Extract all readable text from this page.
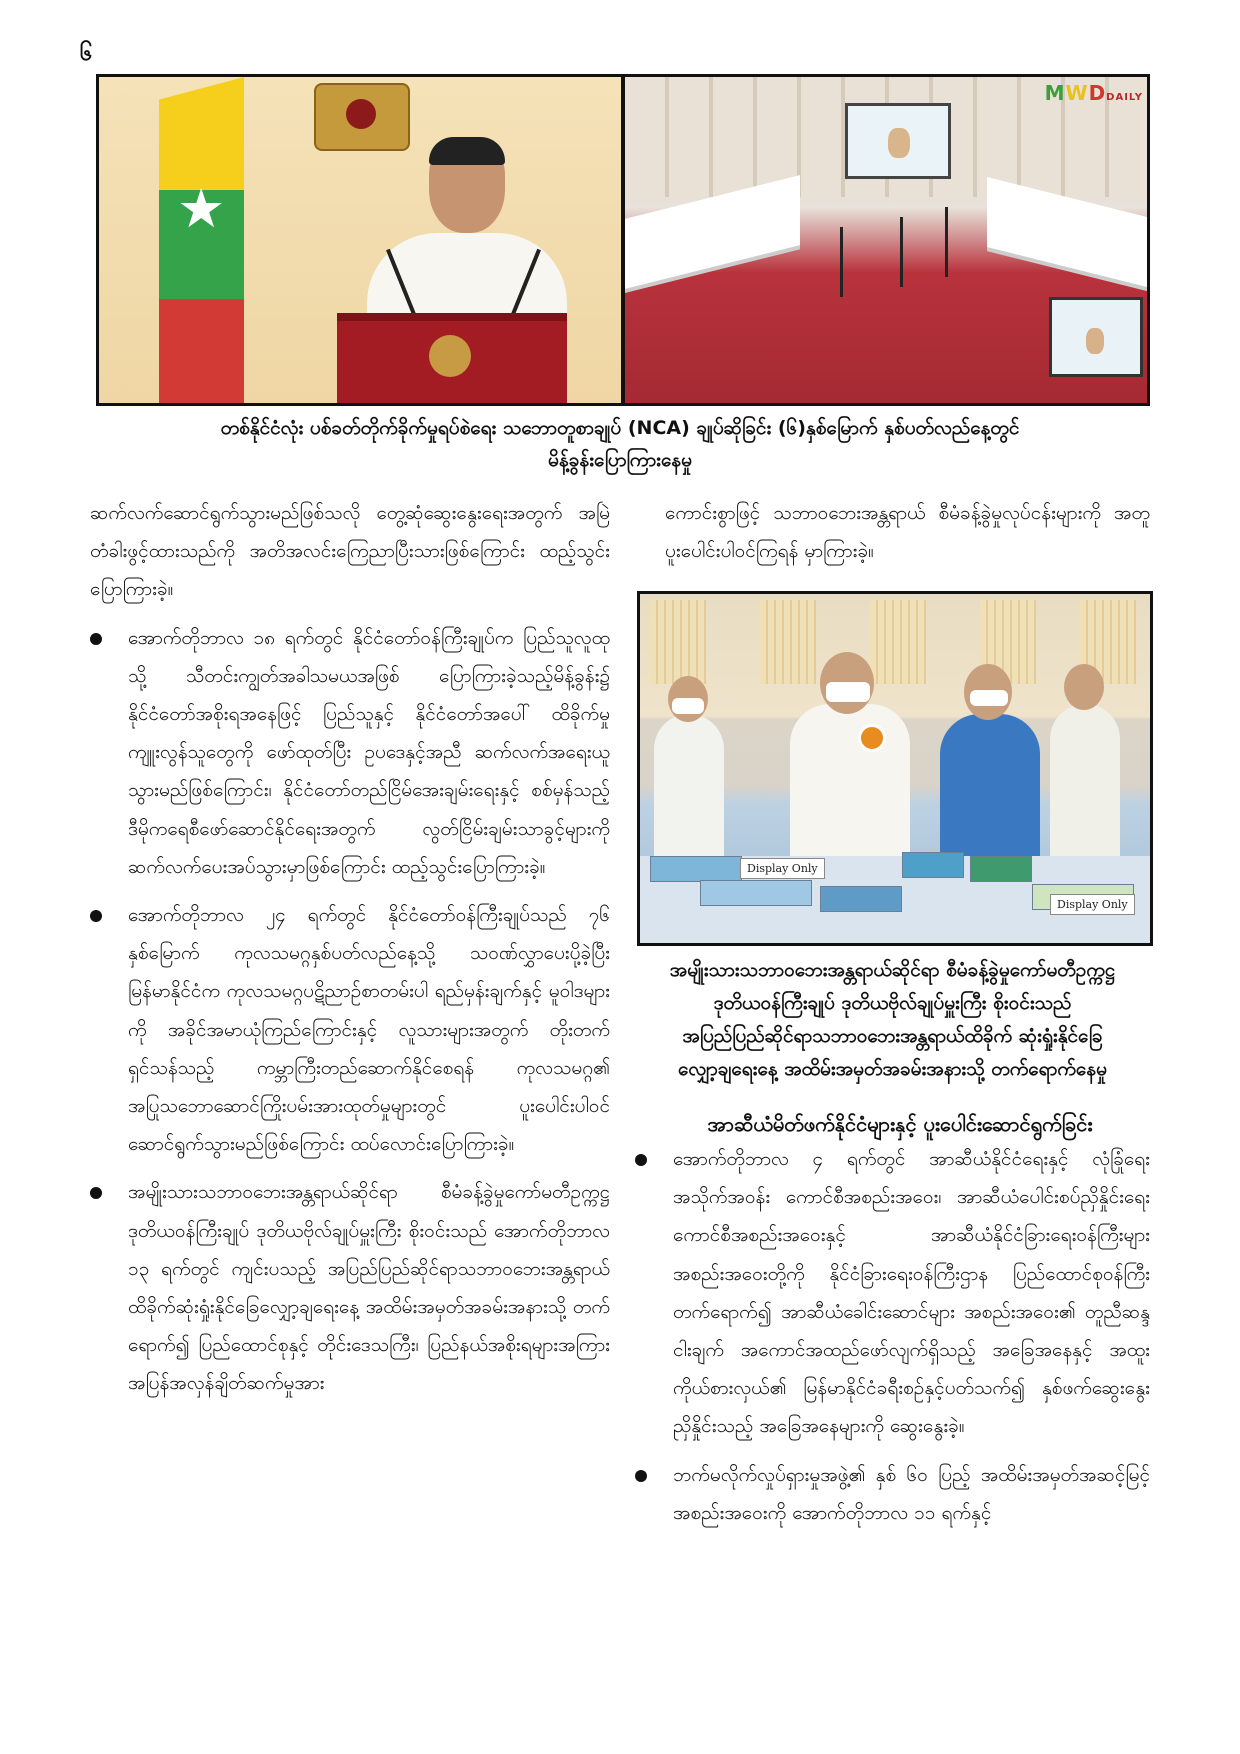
၆
★
MWDDAILY
တစ်နိုင်ငံလုံး ပစ်ခတ်တိုက်ခိုက်မှုရပ်စဲရေး သဘောတူစာချုပ် (NCA) ချုပ်ဆိုခြင်း (၆)နှစ်မြောက် နှစ်ပတ်လည်နေ့တွင်
မိန့်ခွန်းပြောကြားနေမှု

ဆက်လက်ဆောင်ရွက်သွားမည်ဖြစ်သလို တွေ့ဆုံဆွေးနွေးရေးအတွက် အမြဲတံခါးဖွင့်ထားသည်ကို အတိအလင်းကြေညာပြီးသားဖြစ်ကြောင်း ထည့်သွင်းပြောကြားခဲ့။

အောက်တိုဘာလ ၁၈ ရက်တွင် နိုင်ငံတော်ဝန်ကြီးချုပ်က ပြည်သူလူထုသို့ သီတင်းကျွတ်အခါသမယအဖြစ် ပြောကြားခဲ့သည့်မိန့်ခွန်း၌ နိုင်ငံတော်အစိုးရအနေဖြင့် ပြည်သူနှင့် နိုင်ငံတော်အပေါ် ထိခိုက်မှုကျူးလွန်သူတွေကို ဖော်ထုတ်ပြီး ဥပဒေနှင့်အညီ ဆက်လက်အရေးယူသွားမည်ဖြစ်ကြောင်း၊ နိုင်ငံတော်တည်ငြိမ်အေးချမ်းရေးနှင့် စစ်မှန်သည့် ဒီမိုကရေစီဖော်ဆောင်နိုင်ရေးအတွက် လွတ်ငြိမ်းချမ်းသာခွင့်များကို ဆက်လက်ပေးအပ်သွားမှာဖြစ်ကြောင်း ထည့်သွင်းပြောကြားခဲ့။
အောက်တိုဘာလ ၂၄ ရက်တွင် နိုင်ငံတော်ဝန်ကြီးချုပ်သည် ၇၆ နှစ်မြောက် ကုလသမဂ္ဂနှစ်ပတ်လည်နေ့သို့ သဝဏ်လွှာပေးပို့ခဲ့ပြီး မြန်မာနိုင်ငံက ကုလသမဂ္ဂပဋိညာဉ်စာတမ်းပါ ရည်မှန်းချက်နှင့် မူဝါဒများကို အခိုင်အမာယုံကြည်ကြောင်းနှင့် လူသားများအတွက် တိုးတက်ရှင်သန်သည့် ကမ္ဘာကြီးတည်ဆောက်နိုင်စေရန် ကုလသမဂ္ဂ၏ အပြုသဘောဆောင်ကြိုးပမ်းအားထုတ်မှုများတွင် ပူးပေါင်းပါဝင်ဆောင်ရွက်သွားမည်ဖြစ်ကြောင်း ထပ်လောင်းပြောကြားခဲ့။
အမျိုးသားသဘာဝဘေးအန္တရာယ်ဆိုင်ရာ စီမံခန့်ခွဲမှုကော်မတီဥက္ကဋ္ဌ ဒုတိယဝန်ကြီးချုပ် ဒုတိယဗိုလ်ချုပ်မှူးကြီး စိုးဝင်းသည် အောက်တိုဘာလ ၁၃ ရက်တွင် ကျင်းပသည့် အပြည်ပြည်ဆိုင်ရာသဘာဝဘေးအန္တရာယ် ထိခိုက်ဆုံးရှုံးနိုင်ခြေလျှော့ချရေးနေ့ အထိမ်းအမှတ်အခမ်းအနားသို့ တက်ရောက်၍ ပြည်ထောင်စုနှင့် တိုင်းဒေသကြီး၊ ပြည်နယ်အစိုးရများအကြား အပြန်အလှန်ချိတ်ဆက်မှုအား

ကောင်းစွာဖြင့် သဘာဝဘေးအန္တရာယ် စီမံခန့်ခွဲမှုလုပ်ငန်းများကို အတူပူးပေါင်းပါဝင်ကြရန် မှာကြားခဲ့။

Display Only
Display Only
အမျိုးသားသဘာဝဘေးအန္တရာယ်ဆိုင်ရာ စီမံခန့်ခွဲမှုကော်မတီဥက္ကဋ္ဌ
ဒုတိယဝန်ကြီးချုပ် ဒုတိယဗိုလ်ချုပ်မှူးကြီး စိုးဝင်းသည်
အပြည်ပြည်ဆိုင်ရာသဘာဝဘေးအန္တရာယ်ထိခိုက် ဆုံးရှုံးနိုင်ခြေ
လျှော့ချရေးနေ့ အထိမ်းအမှတ်အခမ်းအနားသို့ တက်ရောက်နေမှု
အာဆီယံမိတ်ဖက်နိုင်ငံများနှင့် ပူးပေါင်းဆောင်ရွက်ခြင်း
အောက်တိုဘာလ ၄ ရက်တွင် အာဆီယံနိုင်ငံရေးနှင့် လုံခြုံရေးအသိုက်အဝန်း ကောင်စီအစည်းအဝေး၊ အာဆီယံပေါင်းစပ်ညှိနှိုင်းရေးကောင်စီအစည်းအဝေးနှင့် အာဆီယံနိုင်ငံခြားရေးဝန်ကြီးများ အစည်းအဝေးတို့ကို နိုင်ငံခြားရေးဝန်ကြီးဌာန ပြည်ထောင်စုဝန်ကြီး တက်ရောက်၍ အာဆီယံခေါင်းဆောင်များ အစည်းအဝေး၏ တူညီဆန္ဒငါးချက် အကောင်အထည်ဖော်လျက်ရှိသည့် အခြေအနေနှင့် အထူးကိုယ်စားလှယ်၏ မြန်မာနိုင်ငံခရီးစဉ်နှင့်ပတ်သက်၍ နှစ်ဖက်ဆွေးနွေးညှိနှိုင်းသည့် အခြေအနေများကို ဆွေးနွေးခဲ့။
ဘက်မလိုက်လှုပ်ရှားမှုအဖွဲ့၏ နှစ် ၆၀ ပြည့် အထိမ်းအမှတ်အဆင့်မြင့်အစည်းအဝေးကို အောက်တိုဘာလ ၁၁ ရက်နှင့်
